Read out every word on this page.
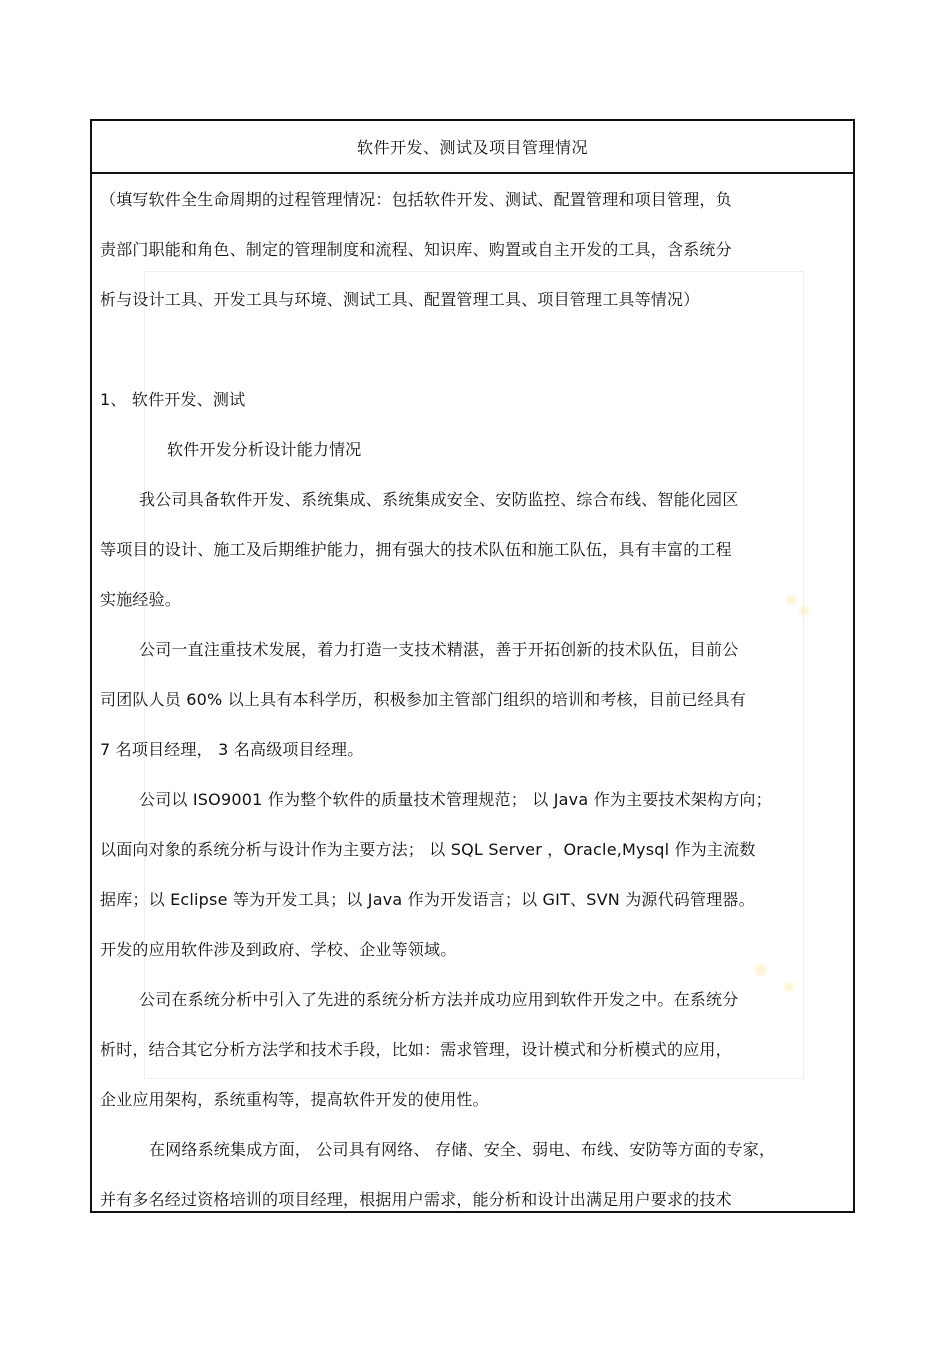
软件开发、测试及项目管理情况
（填写软件全生命周期的过程管理情况：包括软件开发、测试、配置管理和项目管理，负
责部门职能和角色、制定的管理制度和流程、知识库、购置或自主开发的工具，含系统分
析与设计工具、开发工具与环境、测试工具、配置管理工具、项目管理工具等情况）
1、 软件开发、测试
软件开发分析设计能力情况
我公司具备软件开发、系统集成、系统集成安全、安防监控、综合布线、智能化园区
等项目的设计、施工及后期维护能力，拥有强大的技术队伍和施工队伍，具有丰富的工程
实施经验。
公司一直注重技术发展，着力打造一支技术精湛，善于开拓创新的技术队伍，目前公
司团队人员 60% 以上具有本科学历，积极参加主管部门组织的培训和考核，目前已经具有
7 名项目经理， 3 名高级项目经理。
公司以 ISO9001 作为整个软件的质量技术管理规范； 以 Java 作为主要技术架构方向；
以面向对象的系统分析与设计作为主要方法； 以 SQL Server ，Oracle,Mysql 作为主流数
据库；以 Eclipse 等为开发工具；以 Java 作为开发语言；以 GIT、SVN 为源代码管理器。
开发的应用软件涉及到政府、学校、企业等领域。
公司在系统分析中引入了先进的系统分析方法并成功应用到软件开发之中。在系统分
析时，结合其它分析方法学和技术手段，比如：需求管理，设计模式和分析模式的应用，
企业应用架构，系统重构等，提高软件开发的使用性。
在网络系统集成方面， 公司具有网络、 存储、安全、弱电、布线、安防等方面的专家，
并有多名经过资格培训的项目经理，根据用户需求，能分析和设计出满足用户要求的技术
